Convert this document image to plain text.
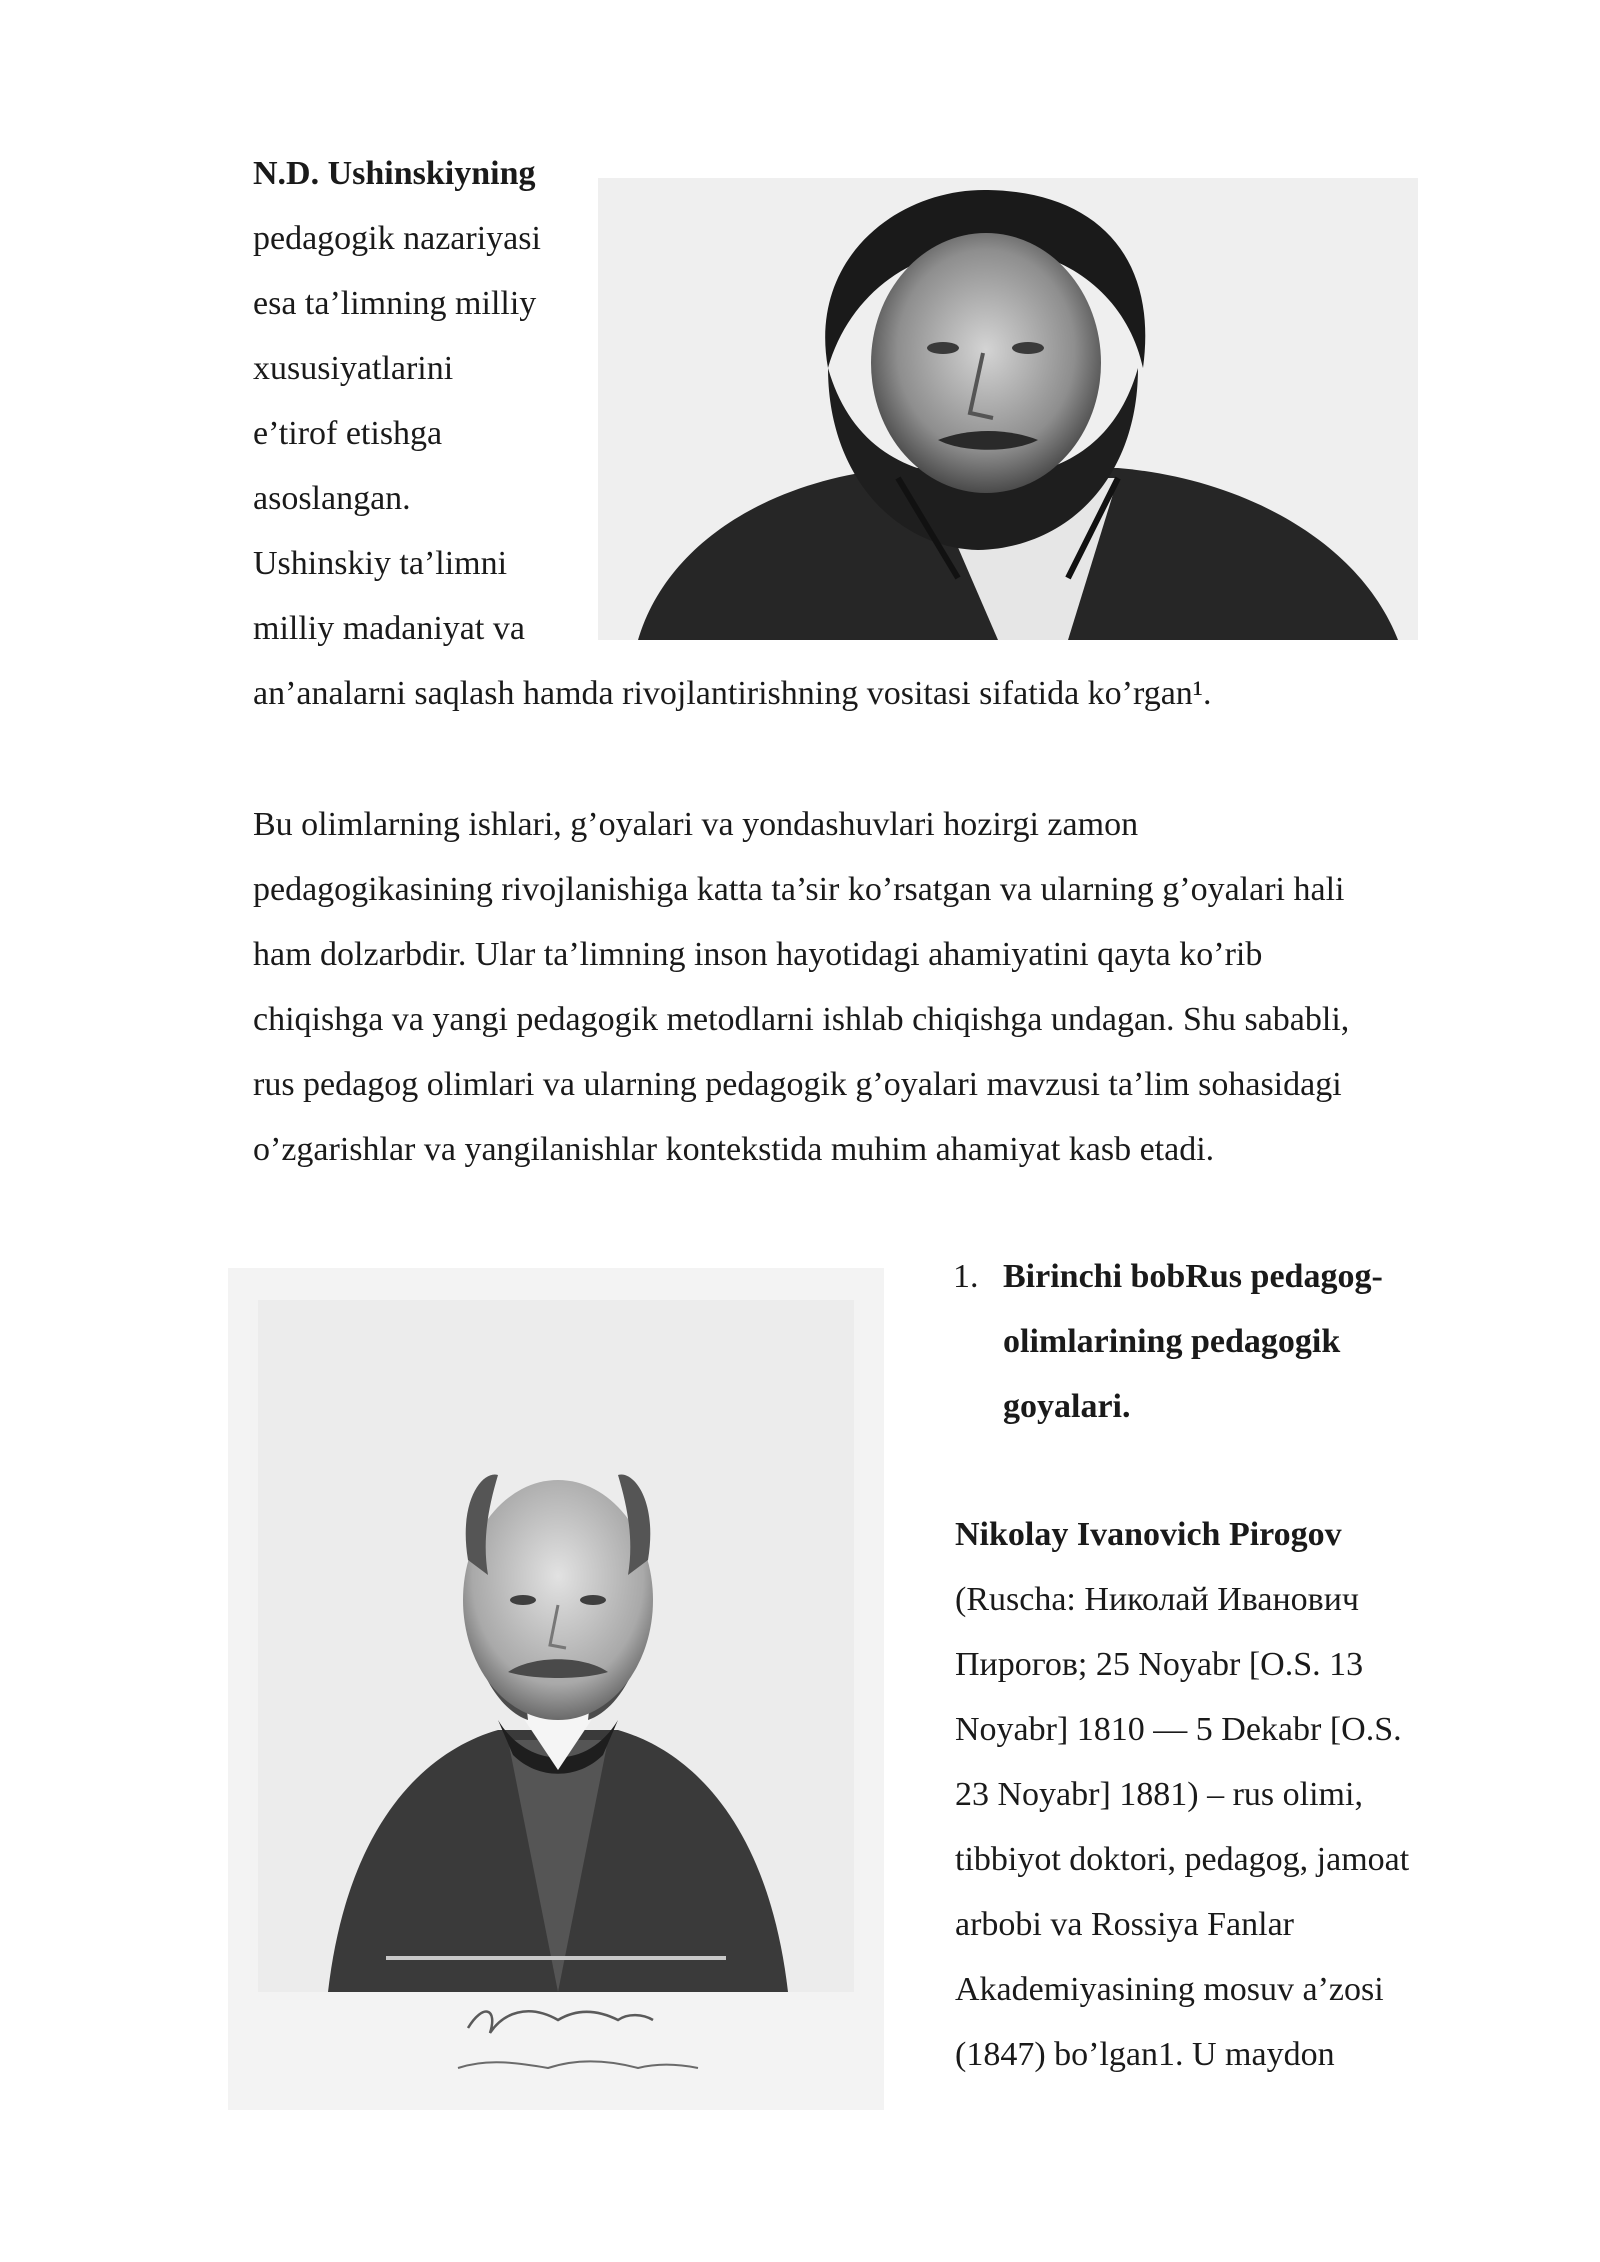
N.D. Ushinskiyning
pedagogik nazariyasi
esa ta’limning milliy
xususiyatlarini
e’tirof etishga
asoslangan.
Ushinskiy ta’limni
milliy madaniyat va
an’analarni saqlash hamda rivojlantirishning vositasi sifatida ko’rgan¹.
Bu olimlarning ishlari, g’oyalari va yondashuvlari hozirgi zamon
pedagogikasining rivojlanishiga katta ta’sir ko’rsatgan va ularning g’oyalari hali
ham dolzarbdir. Ular ta’limning inson hayotidagi ahamiyatini qayta ko’rib
chiqishga va yangi pedagogik metodlarni ishlab chiqishga undagan. Shu sababli,
rus pedagog olimlari va ularning pedagogik g’oyalari mavzusi ta’lim sohasidagi
o’zgarishlar va yangilanishlar kontekstida muhim ahamiyat kasb etadi.
1. Birinchi bobRus pedagog-
olimlarining pedagogik
goyalari.
Nikolay Ivanovich Pirogov
(Ruscha: Николай Иванович
Пирогов; 25 Noyabr [O.S. 13
Noyabr] 1810 — 5 Dekabr [O.S.
23 Noyabr] 1881) – rus olimi,
tibbiyot doktori, pedagog, jamoat
arbobi va Rossiya Fanlar
Akademiyasining mosuv a’zosi
(1847) bo’lgan1. U maydon
